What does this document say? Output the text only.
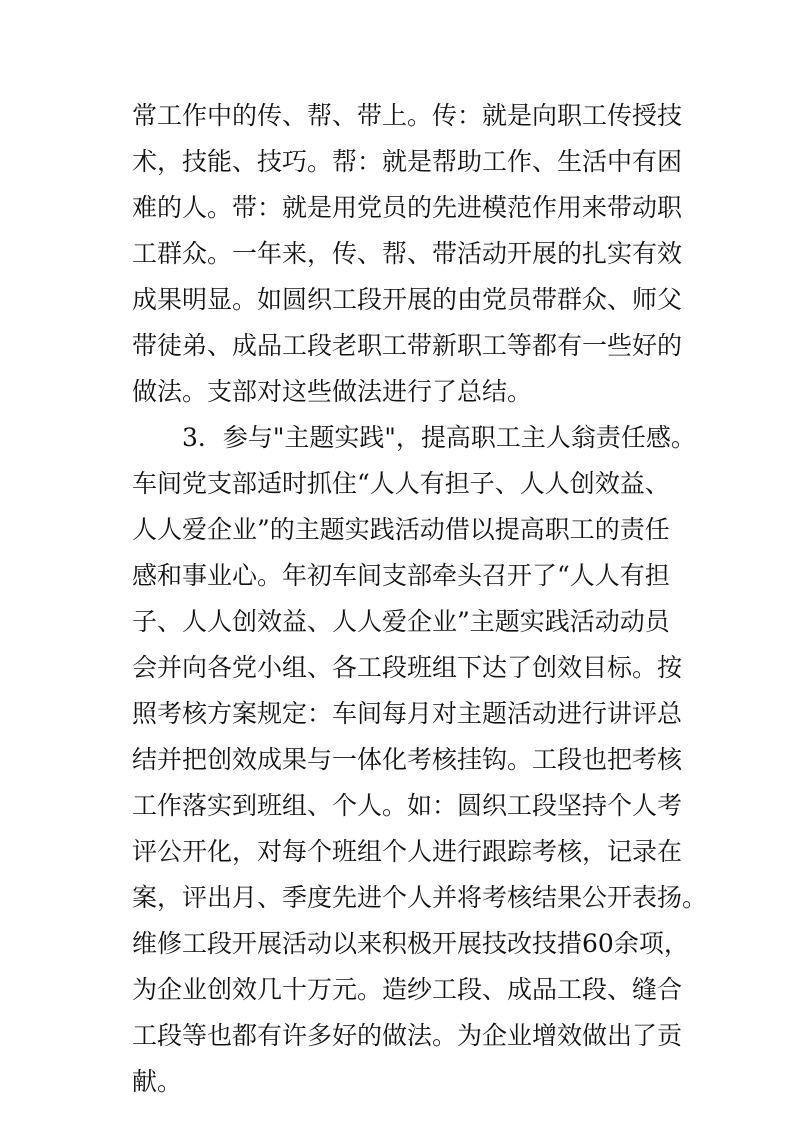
常工作中的传、帮、带上。传：就是向职工传授技
术，技能、技巧。帮：就是帮助工作、生活中有困
难的人。带：就是用党员的先进模范作用来带动职
工群众。一年来，传、帮、带活动开展的扎实有效
成果明显。如圆织工段开展的由党员带群众、师父
带徒弟、成品工段老职工带新职工等都有一些好的
做法。支部对这些做法进行了总结。
3．参与"主题实践"，提高职工主人翁责任感。
车间党支部适时抓住“人人有担子、人人创效益、
人人爱企业”的主题实践活动借以提高职工的责任
感和事业心。年初车间支部牵头召开了“人人有担
子、人人创效益、人人爱企业”主题实践活动动员
会并向各党小组、各工段班组下达了创效目标。按
照考核方案规定：车间每月对主题活动进行讲评总
结并把创效成果与一体化考核挂钩。工段也把考核
工作落实到班组、个人。如：圆织工段坚持个人考
评公开化，对每个班组个人进行跟踪考核，记录在
案，评出月、季度先进个人并将考核结果公开表扬。
维修工段开展活动以来积极开展技改技措60余项，
为企业创效几十万元。造纱工段、成品工段、缝合
工段等也都有许多好的做法。为企业增效做出了贡
献。
